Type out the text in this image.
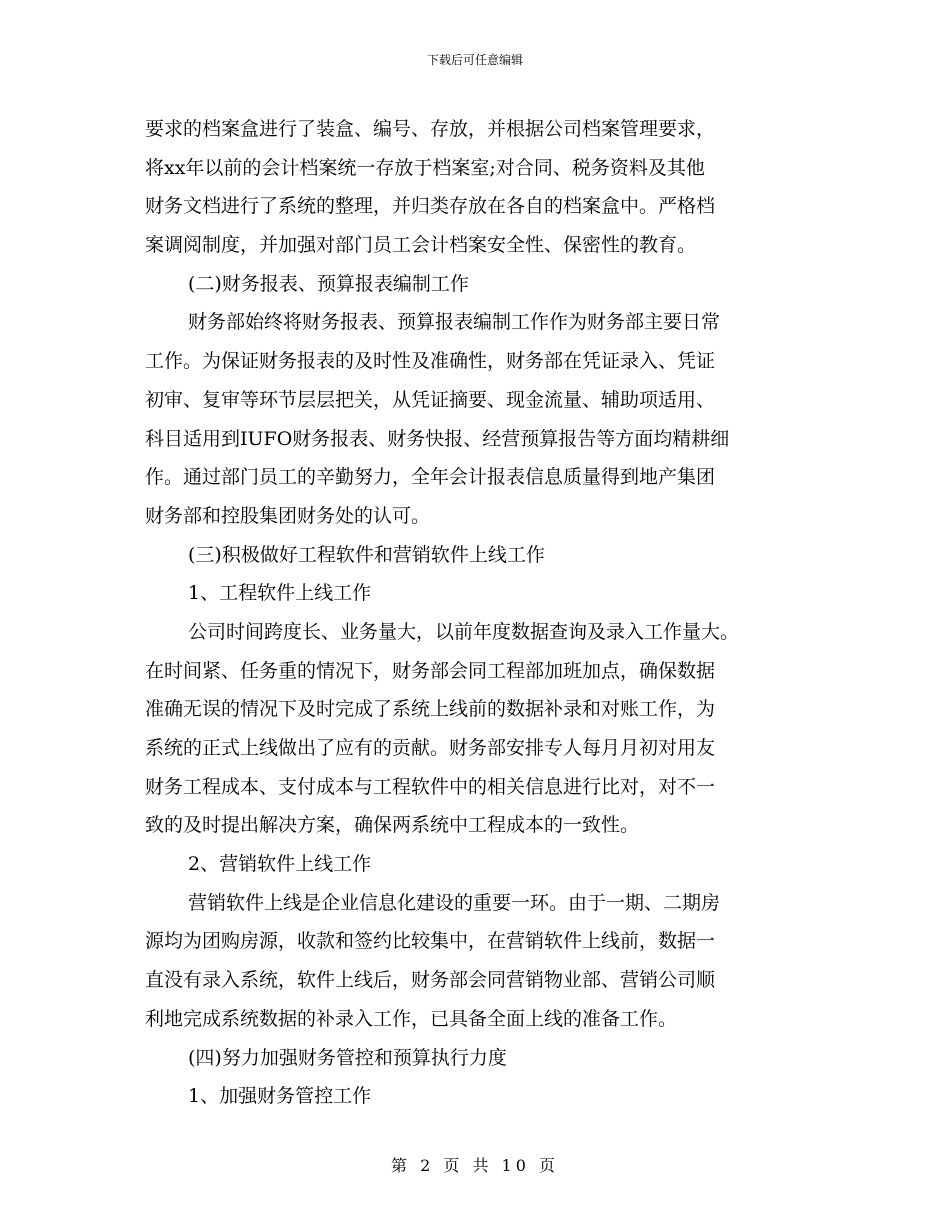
下载后可任意编辑
要求的档案盒进行了装盒、编号、存放，并根据公司档案管理要求，
将xx年以前的会计档案统一存放于档案室;对合同、税务资料及其他
财务文档进行了系统的整理，并归类存放在各自的档案盒中。严格档
案调阅制度，并加强对部门员工会计档案安全性、保密性的教育。
(二)财务报表、预算报表编制工作
财务部始终将财务报表、预算报表编制工作作为财务部主要日常
工作。为保证财务报表的及时性及准确性，财务部在凭证录入、凭证
初审、复审等环节层层把关，从凭证摘要、现金流量、辅助项适用、
科目适用到IUFO财务报表、财务快报、经营预算报告等方面均精耕细
作。通过部门员工的辛勤努力，全年会计报表信息质量得到地产集团
财务部和控股集团财务处的认可。
(三)积极做好工程软件和营销软件上线工作
1、工程软件上线工作
公司时间跨度长、业务量大，以前年度数据查询及录入工作量大。
在时间紧、任务重的情况下，财务部会同工程部加班加点，确保数据
准确无误的情况下及时完成了系统上线前的数据补录和对账工作，为
系统的正式上线做出了应有的贡献。财务部安排专人每月月初对用友
财务工程成本、支付成本与工程软件中的相关信息进行比对，对不一
致的及时提出解决方案，确保两系统中工程成本的一致性。
2、营销软件上线工作
营销软件上线是企业信息化建设的重要一环。由于一期、二期房
源均为团购房源，收款和签约比较集中，在营销软件上线前，数据一
直没有录入系统，软件上线后，财务部会同营销物业部、营销公司顺
利地完成系统数据的补录入工作，已具备全面上线的准备工作。
(四)努力加强财务管控和预算执行力度
1、加强财务管控工作
第 2 页 共 10 页
